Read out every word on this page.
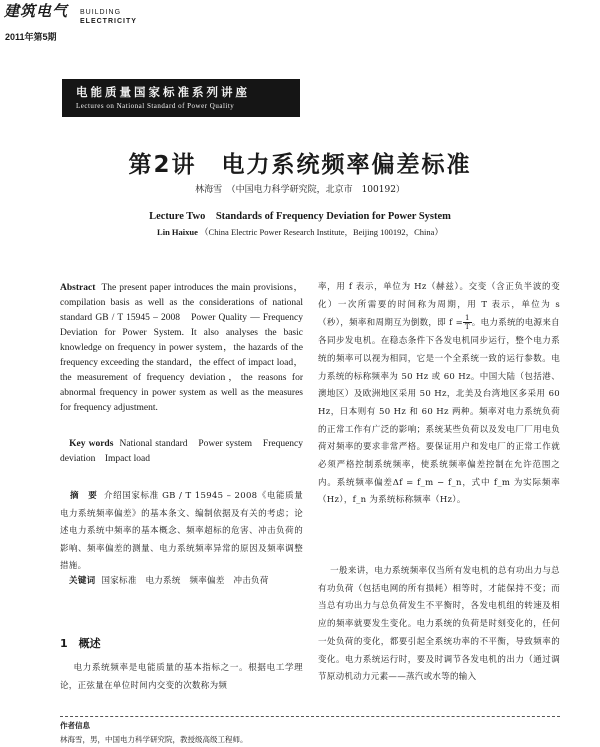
建筑电气 BUILDING
ELECTRICITY
2011年第5期
电能质量国家标准系列讲座
Lectures on National Standard of Power Quality
第2讲　电力系统频率偏差标准
林海雪　（中国电力科学研究院，北京市　100192）
Lecture Two　Standards of Frequency Deviation for Power System
Lin Haixue （China Electric Power Research Institute，Beijing 100192，China）

Abstract The present paper introduces the main provisions，compilation basis as well as the considerations of national standard GB / T 15945 – 2008　Power Quality — Frequency Deviation for Power System. It also analyses the basic knowledge on frequency in power system，the hazards of the frequency exceeding the standard，the effect of impact load，the measurement of frequency deviation，the reasons for abnormal frequency in power system as well as the measures for frequency adjustment.

Key words National standard　Power system　Frequency deviation　Impact load

摘　要 介绍国家标准 GB / T 15945 – 2008《电能质量　电力系统频率偏差》的基本条文、编制依据及有关的考虑；论述电力系统中频率的基本概念、频率超标的危害、冲击负荷的影响、频率偏差的测量、电力系统频率异常的原因及频率调整措施。
关键词 国家标准　电力系统　频率偏差　冲击负荷
1　概述
电力系统频率是电能质量的基本指标之一。根据电工学理论，正弦量在单位时间内交变的次数称为频

率，用 f 表示，单位为 Hz（赫兹）。交变（含正负半波的变化）一次所需要的时间称为周期，用 T 表示，单位为 s（秒），频率和周期互为倒数，即 $f = \frac{1}{T}$ 。电力系统的电源来自各同步发电机。在稳态条件下各发电机同步运行，整个电力系统的频率可以视为相同，它是一个全系统一致的运行参数。电力系统的标称频率为 50 Hz 或 60 Hz。中国大陆（包括港、澳地区）及欧洲地区采用 50 Hz，北美及台湾地区多采用 60 Hz，日本则有 50 Hz 和 60 Hz 两种。频率对电力系统负荷的正常工作有广泛的影响；系统某些负荷以及发电厂厂用电负荷对频率的要求非常严格。要保证用户和发电厂的正常工作就必须严格控制系统频率，使系统频率偏差控制在允许范围之内。系统频率偏差Δf = f_m − f_n，式中 f_m 为实际频率（Hz），f_n 为系统标称频率（Hz）。

一般来讲，电力系统频率仅当所有发电机的总有功出力与总有功负荷（包括电网的所有损耗）相等时，才能保持不变；而当总有功出力与总负荷发生不平衡时，各发电机组的转速及相应的频率就要发生变化。电力系统的负荷是时刻变化的，任何一处负荷的变化，都要引起全系统功率的不平衡，导致频率的变化。电力系统运行时，要及时调节各发电机的出力（通过调节原动机动力元素——蒸汽或水等的输入

作者信息
林海雪，男，中国电力科学研究院，教授级高级工程师。
